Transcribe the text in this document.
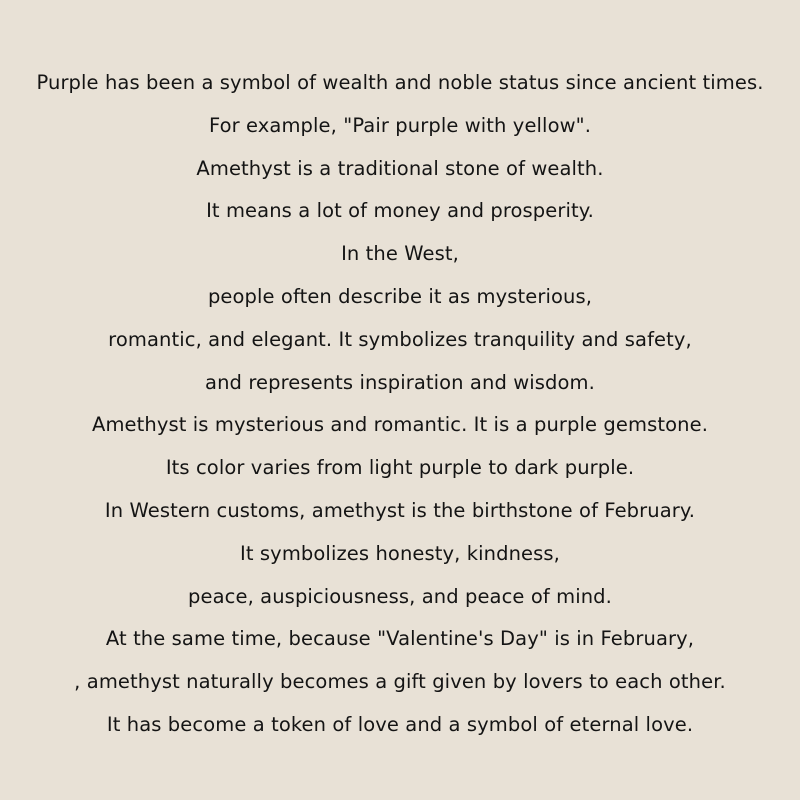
Purple has been a symbol of wealth and noble status since ancient times.
For example, "Pair purple with yellow".
Amethyst is a traditional stone of wealth.
It means a lot of money and prosperity.
In the West,
people often describe it as mysterious,
romantic, and elegant. It symbolizes tranquility and safety,
and represents inspiration and wisdom.
Amethyst is mysterious and romantic. It is a purple gemstone.
Its color varies from light purple to dark purple.
In Western customs, amethyst is the birthstone of February.
It symbolizes honesty, kindness,
peace, auspiciousness, and peace of mind.
At the same time, because "Valentine's Day" is in February,
, amethyst naturally becomes a gift given by lovers to each other.
It has become a token of love and a symbol of eternal love.
